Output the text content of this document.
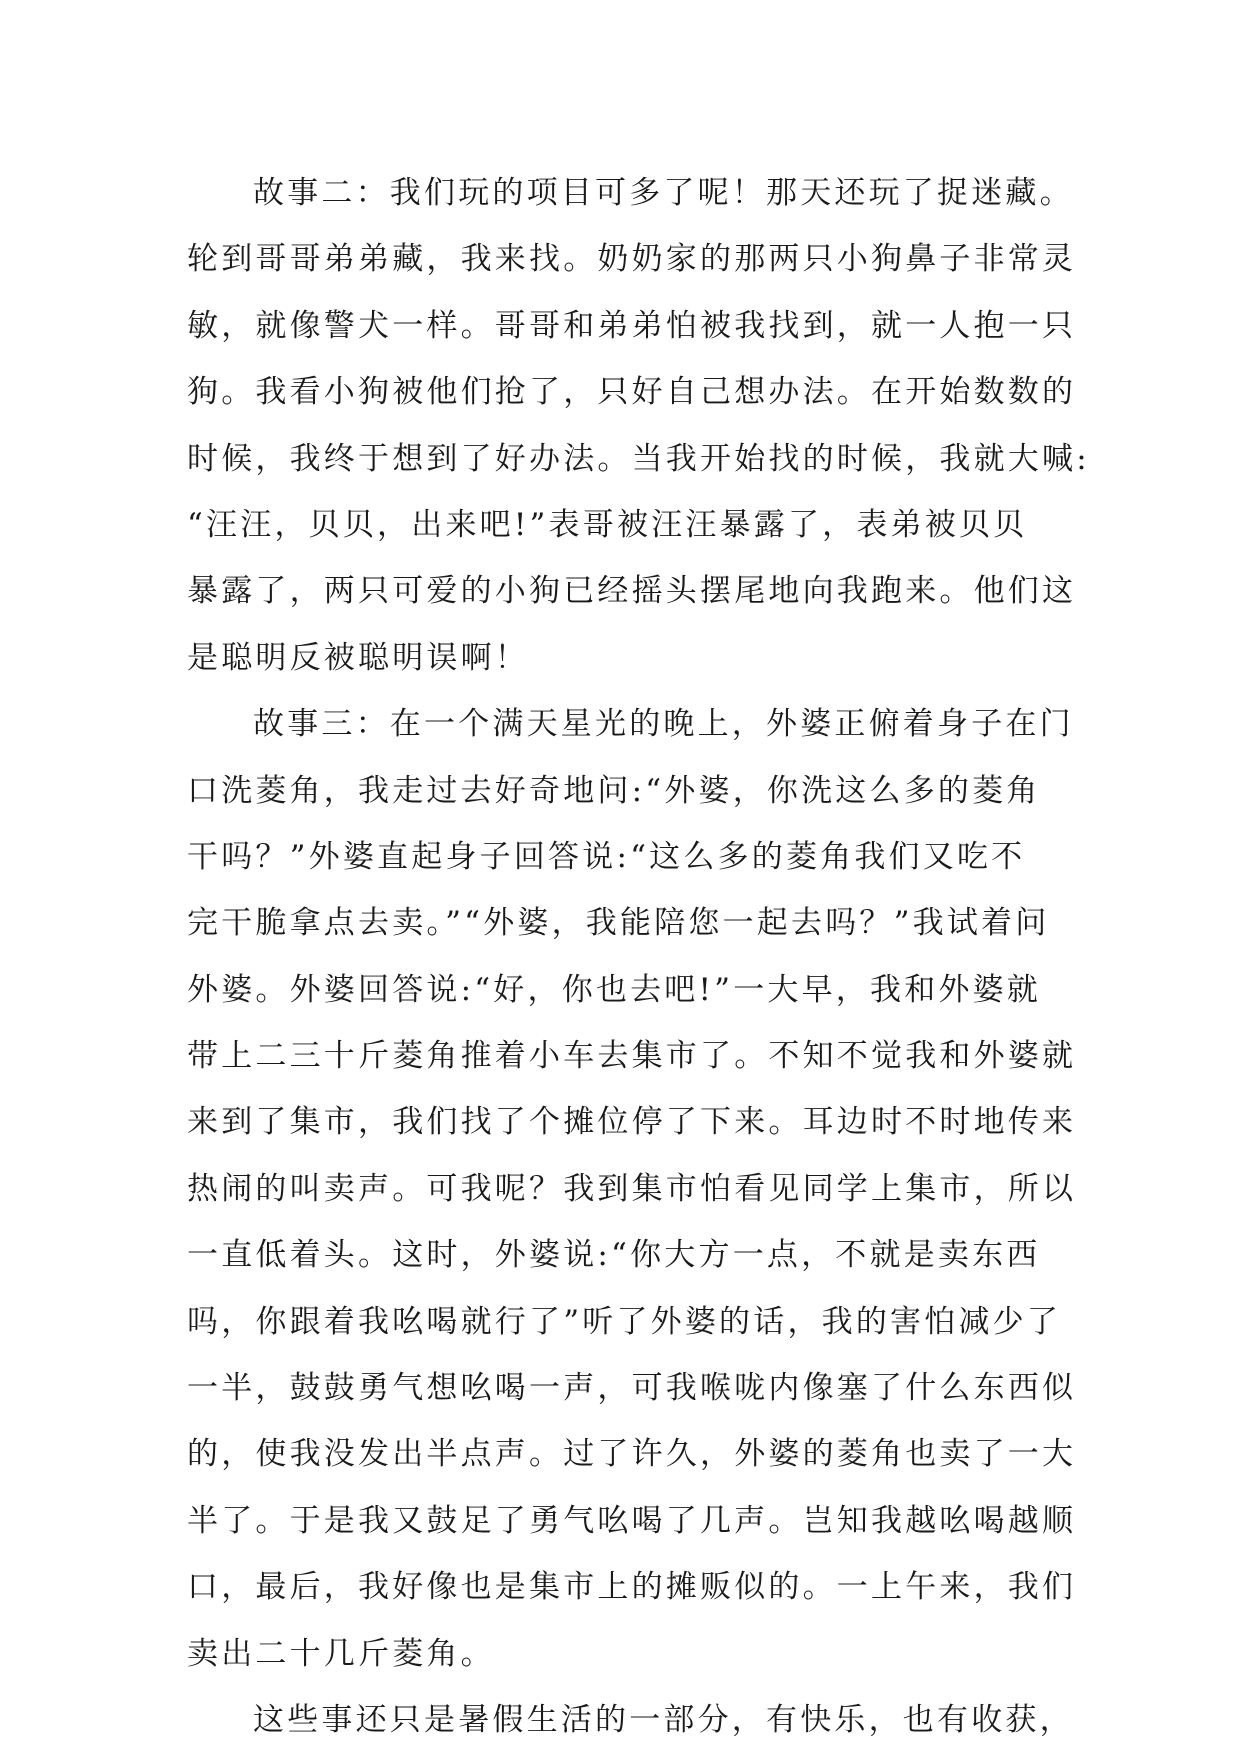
故事二：我们玩的项目可多了呢！那天还玩了捉迷藏。
轮到哥哥弟弟藏，我来找。奶奶家的那两只小狗鼻子非常灵
敏，就像警犬一样。哥哥和弟弟怕被我找到，就一人抱一只
狗。我看小狗被他们抢了，只好自己想办法。在开始数数的
时候，我终于想到了好办法。当我开始找的时候，我就大喊:
“汪汪，贝贝，出来吧!”表哥被汪汪暴露了，表弟被贝贝
暴露了，两只可爱的小狗已经摇头摆尾地向我跑来。他们这
是聪明反被聪明误啊！
故事三：在一个满天星光的晚上，外婆正俯着身子在门
口洗菱角，我走过去好奇地问:“外婆，你洗这么多的菱角
干吗？”外婆直起身子回答说:“这么多的菱角我们又吃不
完干脆拿点去卖。”“外婆，我能陪您一起去吗？”我试着问
外婆。外婆回答说:“好，你也去吧!”一大早，我和外婆就
带上二三十斤菱角推着小车去集市了。不知不觉我和外婆就
来到了集市，我们找了个摊位停了下来。耳边时不时地传来
热闹的叫卖声。可我呢？我到集市怕看见同学上集市，所以
一直低着头。这时，外婆说:“你大方一点，不就是卖东西
吗，你跟着我吆喝就行了”听了外婆的话，我的害怕减少了
一半，鼓鼓勇气想吆喝一声，可我喉咙内像塞了什么东西似
的，使我没发出半点声。过了许久，外婆的菱角也卖了一大
半了。于是我又鼓足了勇气吆喝了几声。岂知我越吆喝越顺
口，最后，我好像也是集市上的摊贩似的。一上午来，我们
卖出二十几斤菱角。
这些事还只是暑假生活的一部分，有快乐，也有收获，
